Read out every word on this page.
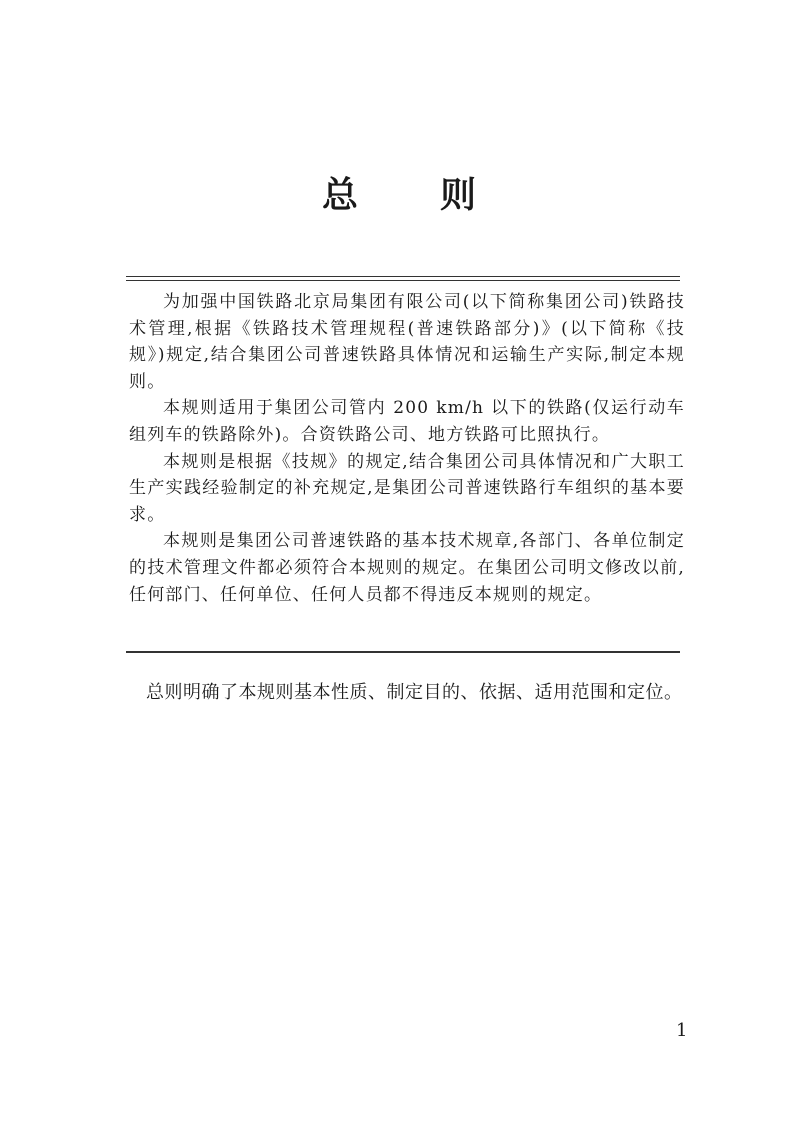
总 则

为加强中国铁路北京局集团有限公司(以下简称集团公司)铁路技术管理,根据《铁路技术管理规程(普速铁路部分)》(以下简称《技规》)规定,结合集团公司普速铁路具体情况和运输生产实际,制定本规则。

本规则适用于集团公司管内 200 km/h 以下的铁路(仅运行动车组列车的铁路除外)。合资铁路公司、地方铁路可比照执行。

本规则是根据《技规》的规定,结合集团公司具体情况和广大职工生产实践经验制定的补充规定,是集团公司普速铁路行车组织的基本要求。

本规则是集团公司普速铁路的基本技术规章,各部门、各单位制定的技术管理文件都必须符合本规则的规定。在集团公司明文修改以前,任何部门、任何单位、任何人员都不得违反本规则的规定。

总则明确了本规则基本性质、制定目的、依据、适用范围和定位。
1
